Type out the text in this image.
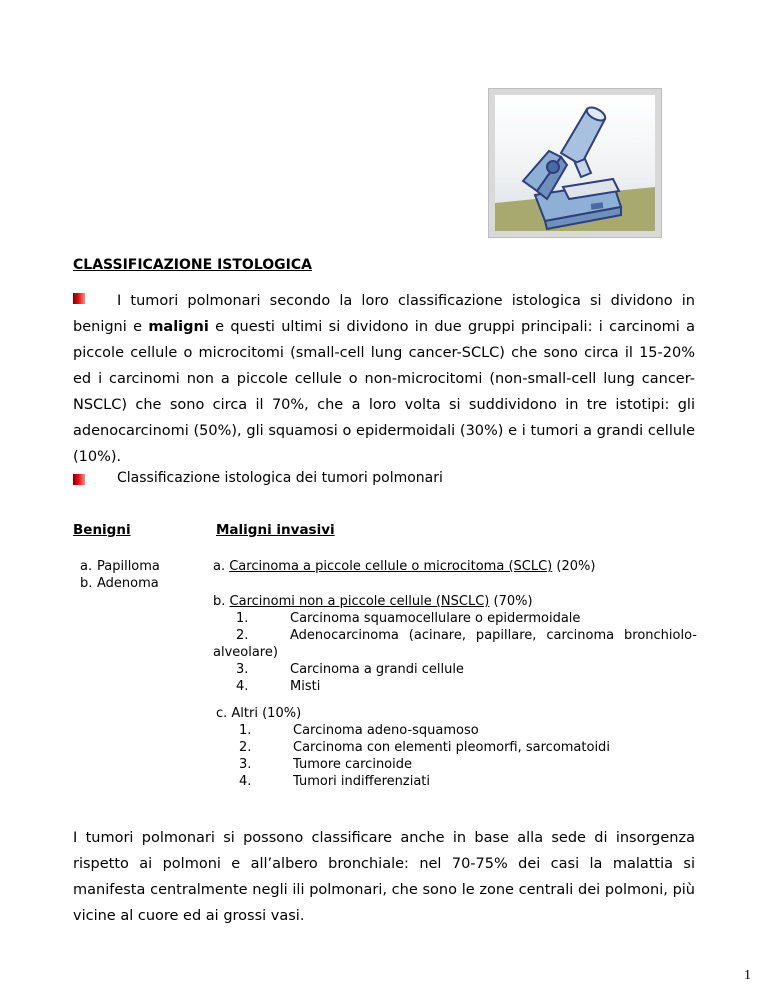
CLASSIFICAZIONE ISTOLOGICA
I tumori polmonari secondo la loro classificazione istologica si dividono in benigni e maligni e questi ultimi si dividono in due gruppi principali: i carcinomi a piccole cellule o microcitomi (small-cell lung cancer-SCLC) che sono circa il 15-20% ed i carcinomi non a piccole cellule o non-microcitomi (non-small-cell lung cancer-NSCLC) che sono circa il 70%, che a loro volta si suddividono in tre istotipi: gli adenocarcinomi (50%), gli squamosi o epidermoidali (30%) e i tumori a grandi cellule (10%).
Classificazione istologica dei tumori polmonari
Benigni
a. Papilloma
b. Adenoma
Maligni invasivi
a. Carcinoma a piccole cellule o microcitoma (SCLC) (20%)
b. Carcinomi non a piccole cellule (NSCLC) (70%)
1.	Carcinoma squamocellulare o epidermoidale
2.	Adenocarcinoma (acinare, papillare, carcinoma bronchiolo-
alveolare)
3.	Carcinoma a grandi cellule
4.	Misti
c. Altri (10%)
1.	Carcinoma adeno-squamoso
2.	Carcinoma con elementi pleomorfi, sarcomatoidi
3.	Tumore carcinoide
4.	Tumori indifferenziati
I tumori polmonari si possono classificare anche in base alla sede di insorgenza rispetto ai polmoni e all’albero bronchiale: nel 70-75% dei casi la malattia si manifesta centralmente negli ili polmonari, che sono le zone centrali dei polmoni, più vicine al cuore ed ai grossi vasi.
1
